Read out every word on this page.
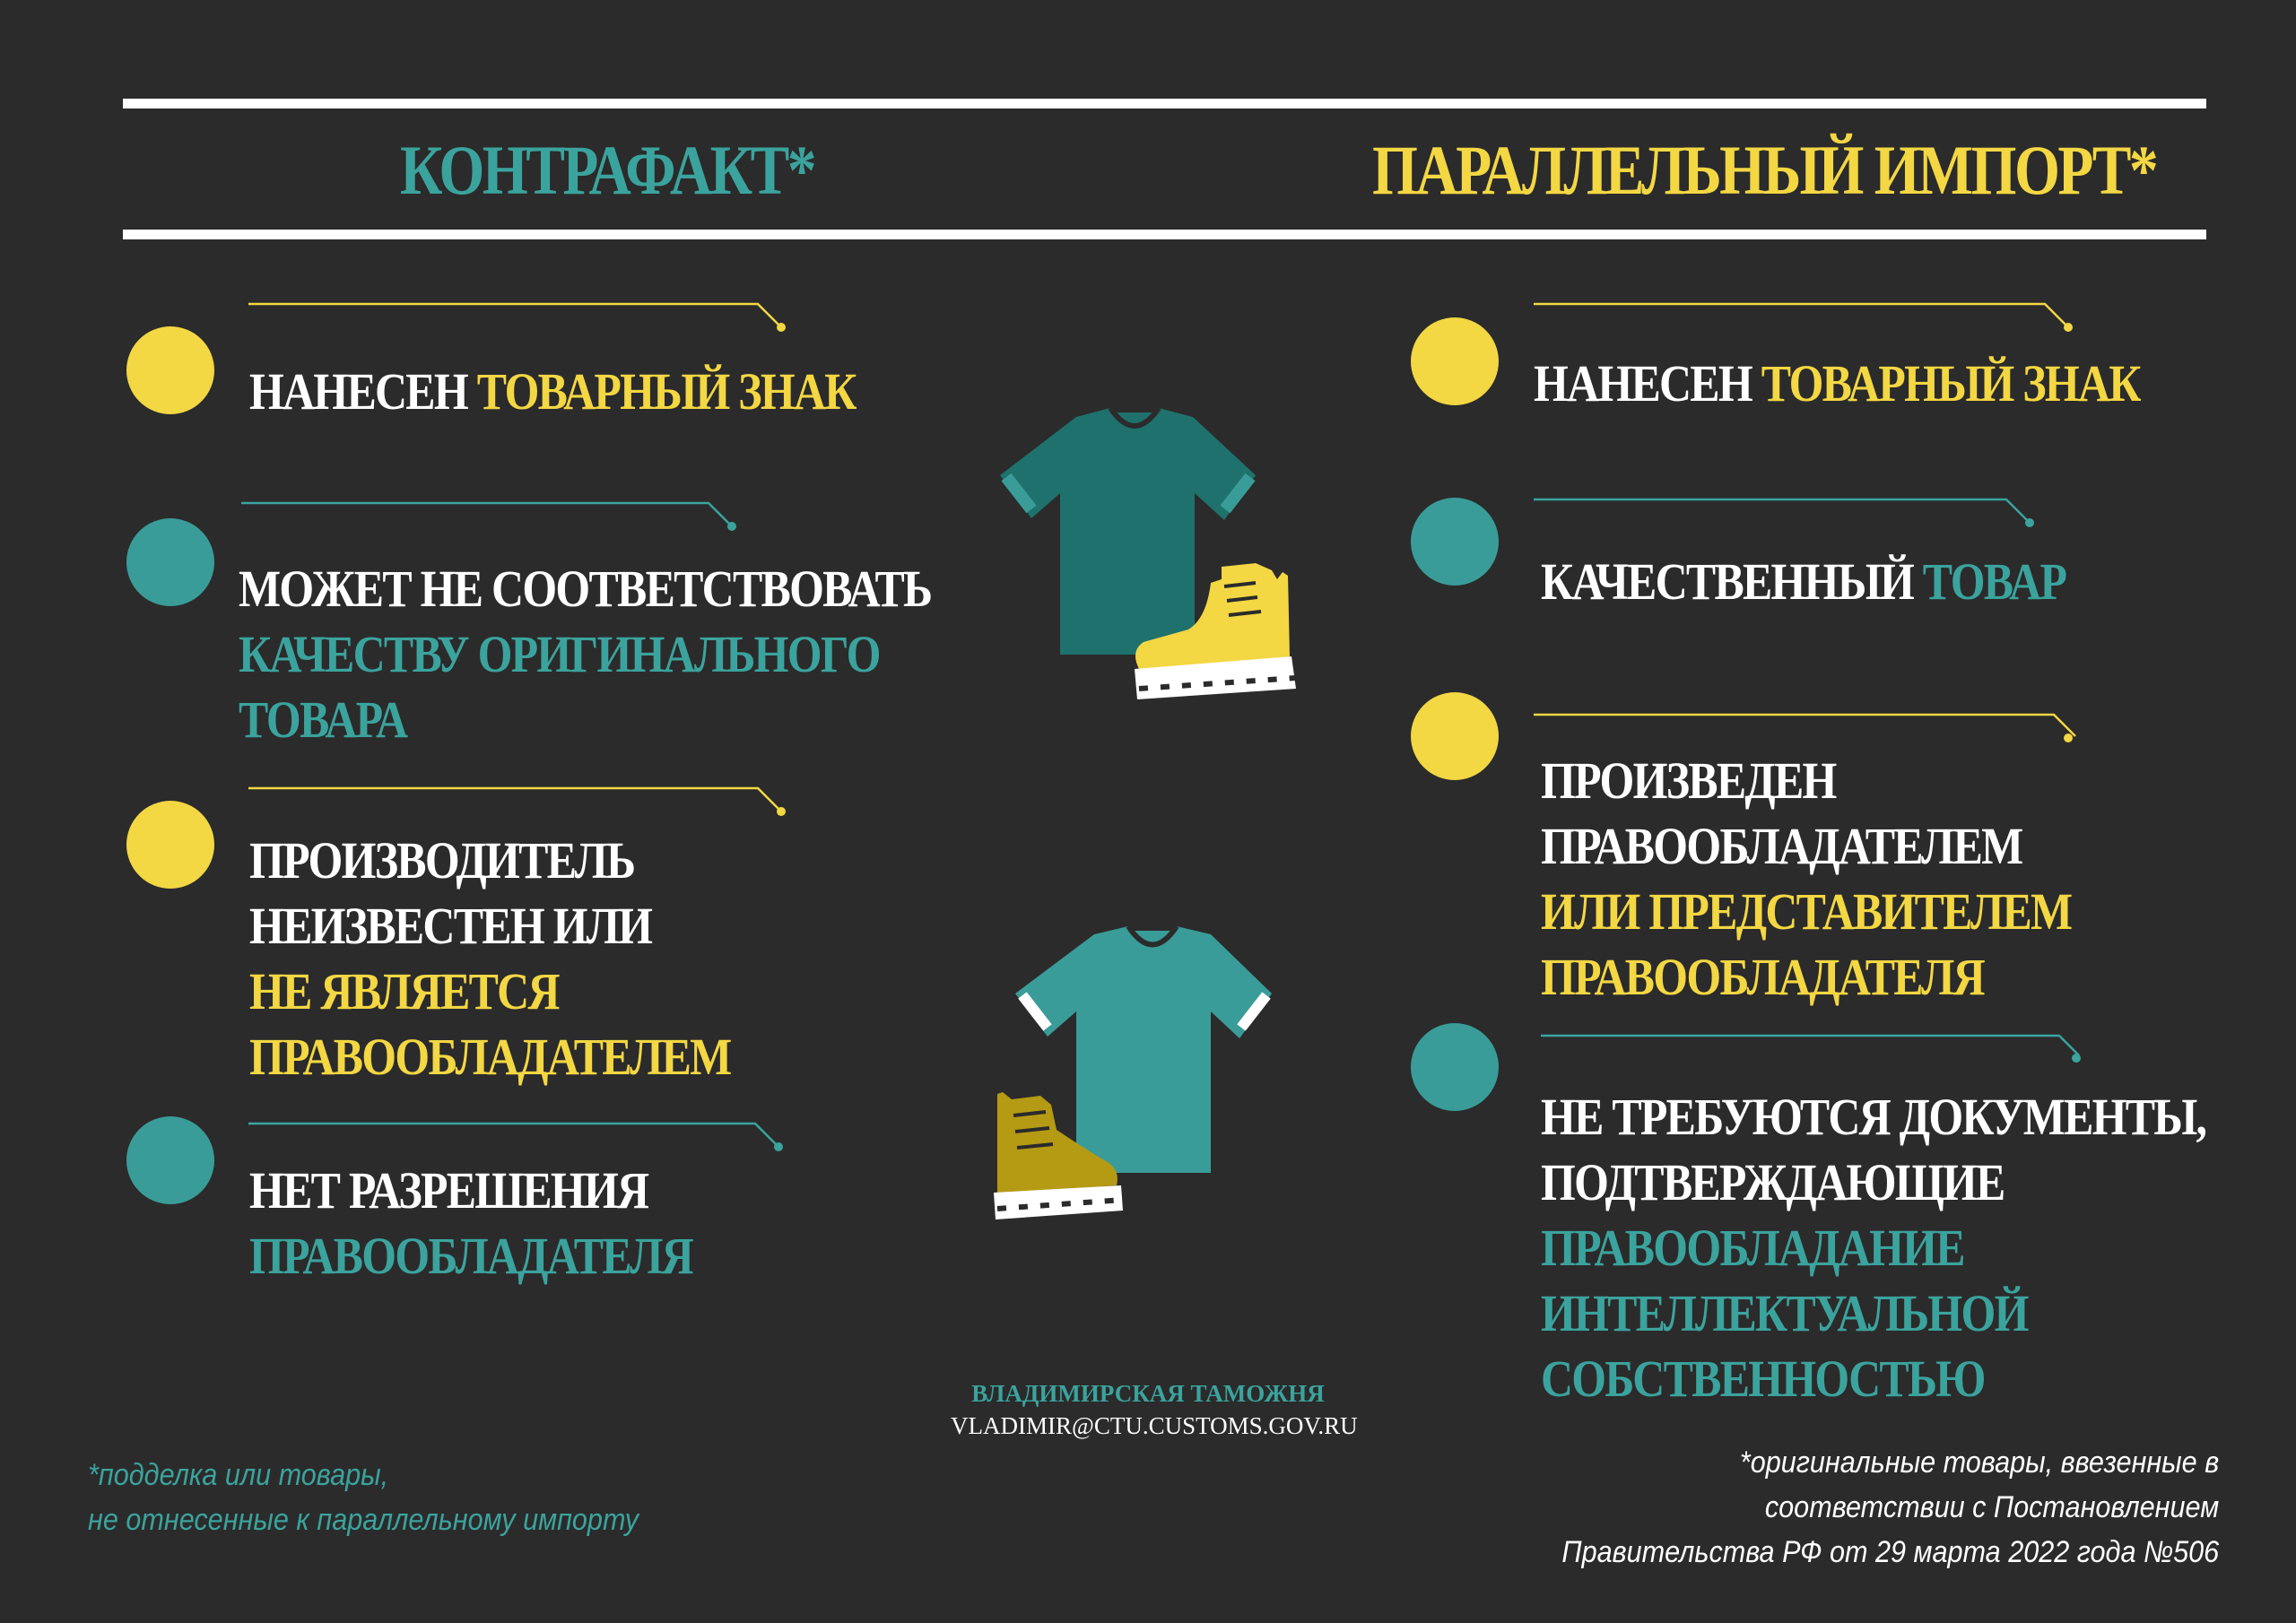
КОНТРАФАКТ*	ПАРАЛЛЕЛЬНЫЙ ИМПОРТ*
НАНЕСЕН ТОВАРНЫЙ ЗНАК
МОЖЕТ НЕ СООТВЕТСТВОВАТЬ
КАЧЕСТВУ ОРИГИНАЛЬНОГО
ТОВАРА
ПРОИЗВОДИТЕЛЬ
НЕИЗВЕСТЕН ИЛИ
НЕ ЯВЛЯЕТСЯ
ПРАВООБЛАДАТЕЛЕМ
НЕТ РАЗРЕШЕНИЯ
ПРАВООБЛАДАТЕЛЯ
НАНЕСЕН ТОВАРНЫЙ ЗНАК
КАЧЕСТВЕННЫЙ ТОВАР
ПРОИЗВЕДЕН
ПРАВООБЛАДАТЕЛЕМ
ИЛИ ПРЕДСТАВИТЕЛЕМ
ПРАВООБЛАДАТЕЛЯ
НЕ ТРЕБУЮТСЯ ДОКУМЕНТЫ,
ПОДТВЕРЖДАЮЩИЕ
ПРАВООБЛАДАНИЕ
ИНТЕЛЛЕКТУАЛЬНОЙ
СОБСТВЕННОСТЬЮ
ВЛАДИМИРСКАЯ ТАМОЖНЯ
VLADIMIR@CTU.CUSTOMS.GOV.RU
*подделка или товары,
не отнесенные к параллельному импорту
*оригинальные товары, ввезенные в
соответствии с Постановлением
Правительства РФ от 29 марта 2022 года №506
